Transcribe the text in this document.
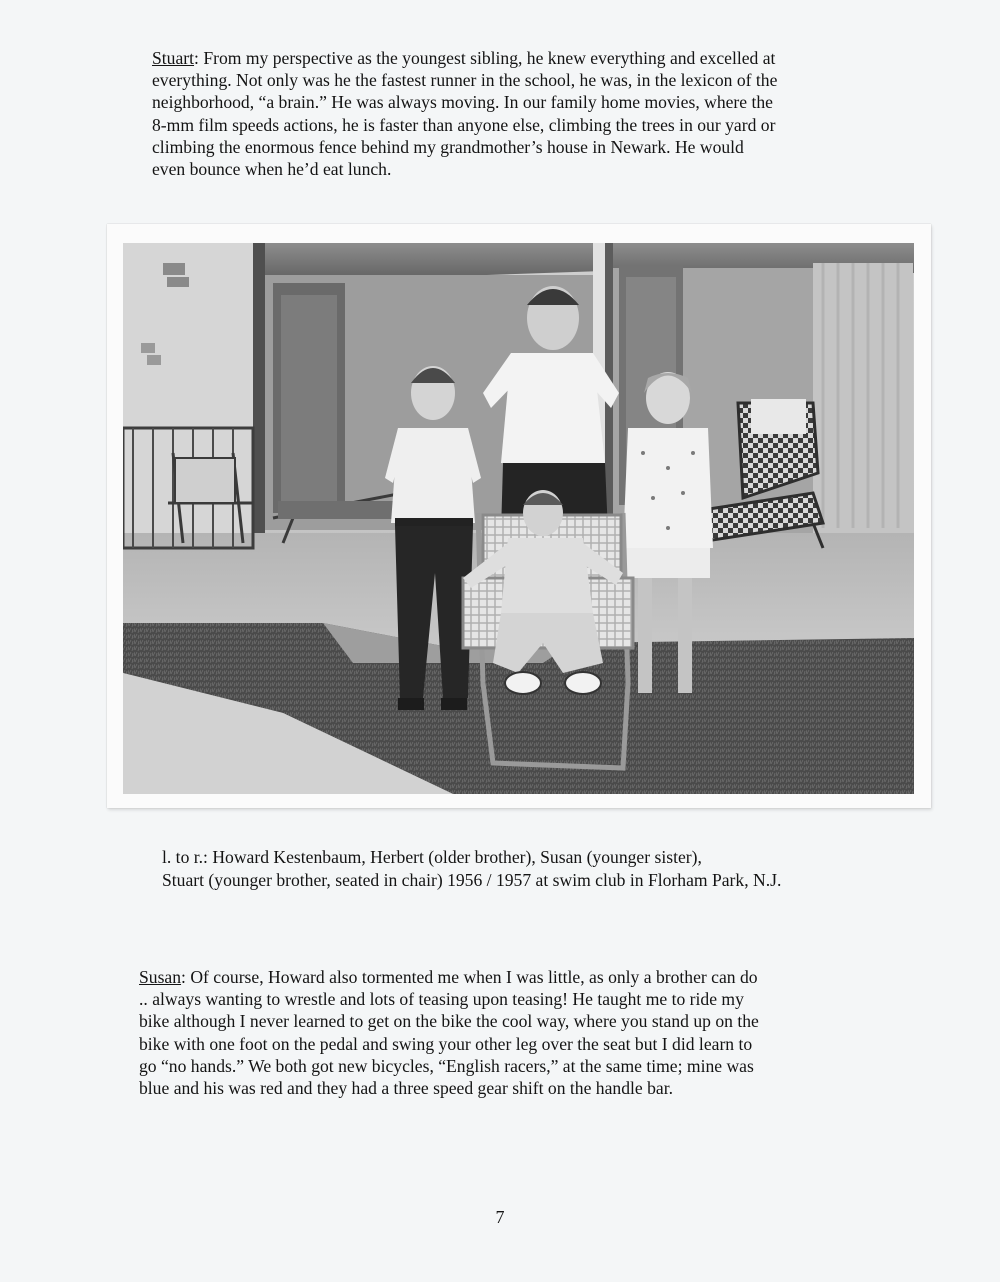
Stuart: From my perspective as the youngest sibling, he knew everything and excelled at
everything. Not only was he the fastest runner in the school, he was, in the lexicon of the
neighborhood, “a brain.” He was always moving. In our family home movies, where the
8-mm film speeds actions, he is faster than anyone else, climbing the trees in our yard or
climbing the enormous fence behind my grandmother’s house in Newark. He would
even bounce when he’d eat lunch.

l. to r.: Howard Kestenbaum, Herbert (older brother), Susan (younger sister),
Stuart (younger brother, seated in chair) 1956 / 1957 at swim club in Florham Park, N.J.

Susan: Of course, Howard also tormented me when I was little, as only a brother can do
.. always wanting to wrestle and lots of teasing upon teasing! He taught me to ride my
bike although I never learned to get on the bike the cool way, where you stand up on the
bike with one foot on the pedal and swing your other leg over the seat but I did learn to
go “no hands.” We both got new bicycles, “English racers,” at the same time; mine was
blue and his was red and they had a three speed gear shift on the handle bar.

7
